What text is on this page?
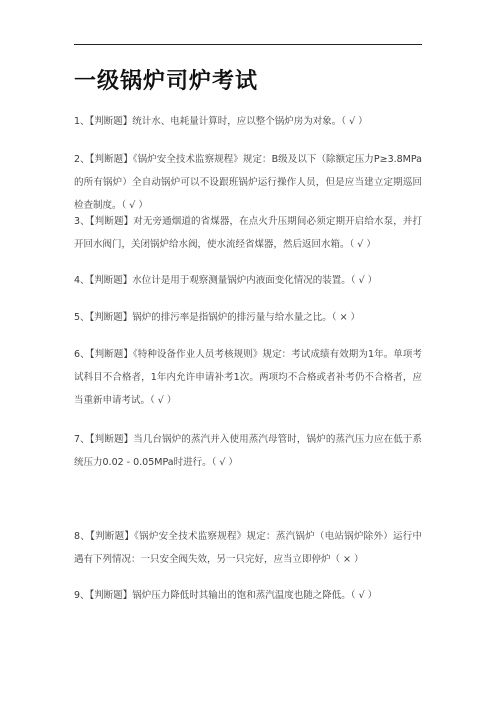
一级锅炉司炉考试

1、【判断题】统计水、电耗量计算时，应以整个锅炉房为对象。（ √ ）

2、【判断题】《锅炉安全技术监察规程》规定：B级及以下（除额定压力P≥3.8MPa的所有锅炉）全自动锅炉可以不设跟班锅炉运行操作人员，但是应当建立定期巡回检查制度。（ √ ）

3、【判断题】对无旁通烟道的省煤器，在点火升压期间必须定期开启给水泵，并打开回水阀门，关闭锅炉给水阀，使水流经省煤器，然后返回水箱。（ √ ）

4、【判断题】水位计是用于观察测量锅炉内液面变化情况的装置。（ √ ）

5、【判断题】锅炉的排污率是指锅炉的排污量与给水量之比。（ × ）

6、【判断题】《特种设备作业人员考核规则》规定：考试成绩有效期为1年。单项考试科目不合格者，1年内允许申请补考1次。两项均不合格或者补考仍不合格者，应当重新申请考试。（ √ ）

7、【判断题】当几台锅炉的蒸汽并入使用蒸汽母管时，锅炉的蒸汽压力应在低于系统压力0.02 - 0.05MPa时进行。（ √ ）

8、【判断题】《锅炉安全技术监察规程》规定：蒸汽锅炉（电站锅炉除外）运行中遇有下列情况：一只安全阀失效，另一只完好，应当立即停炉（ × ）

9、【判断题】锅炉压力降低时其输出的饱和蒸汽温度也随之降低。（ √ ）
